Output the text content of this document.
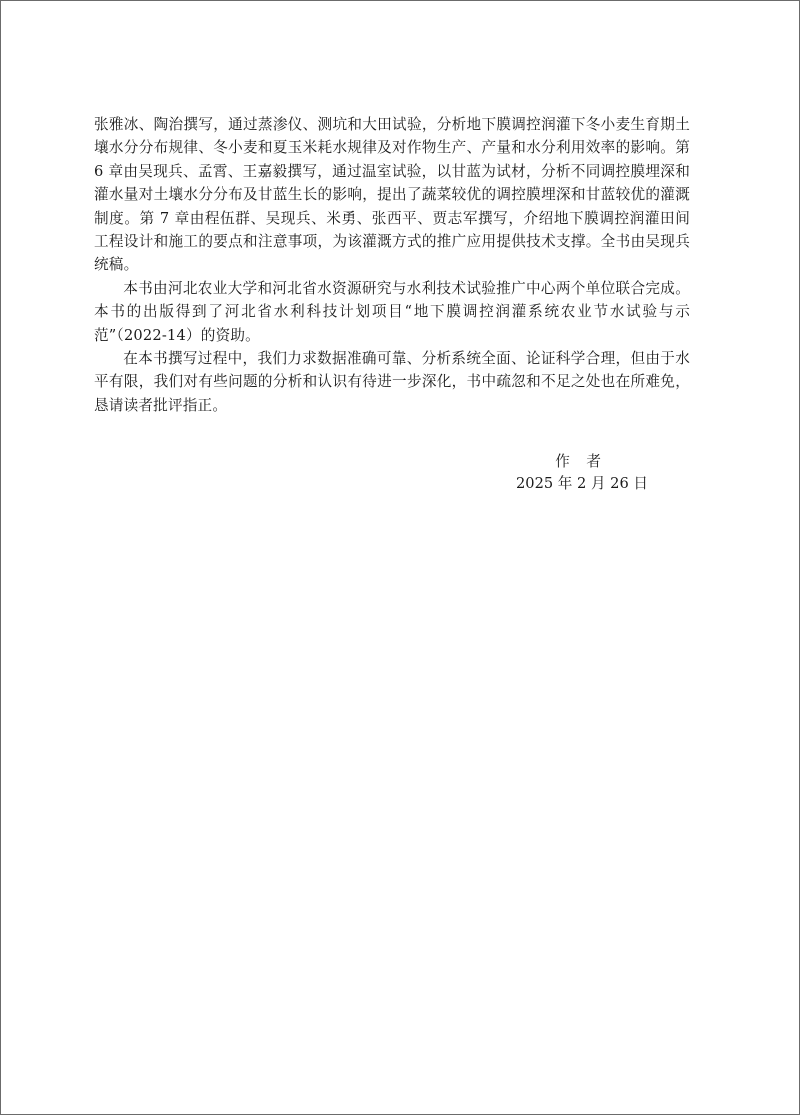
张雅冰、陶治撰写，通过蒸渗仪、测坑和大田试验，分析地下膜调控润灌下冬小麦生育期土壤水分分布规律、冬小麦和夏玉米耗水规律及对作物生产、产量和水分利用效率的影响。第 6 章由吴现兵、孟霄、王嘉毅撰写，通过温室试验，以甘蓝为试材，分析不同调控膜埋深和灌水量对土壤水分分布及甘蓝生长的影响，提出了蔬菜较优的调控膜埋深和甘蓝较优的灌溉制度。第 7 章由程伍群、吴现兵、米勇、张西平、贾志军撰写，介绍地下膜调控润灌田间工程设计和施工的要点和注意事项，为该灌溉方式的推广应用提供技术支撑。全书由吴现兵统稿。

本书由河北农业大学和河北省水资源研究与水利技术试验推广中心两个单位联合完成。本书的出版得到了河北省水利科技计划项目“地下膜调控润灌系统农业节水试验与示范”（2022-14）的资助。

在本书撰写过程中，我们力求数据准确可靠、分析系统全面、论证科学合理，但由于水平有限，我们对有些问题的分析和认识有待进一步深化，书中疏忽和不足之处也在所难免，恳请读者批评指正。

作　者
2025 年 2 月 26 日
